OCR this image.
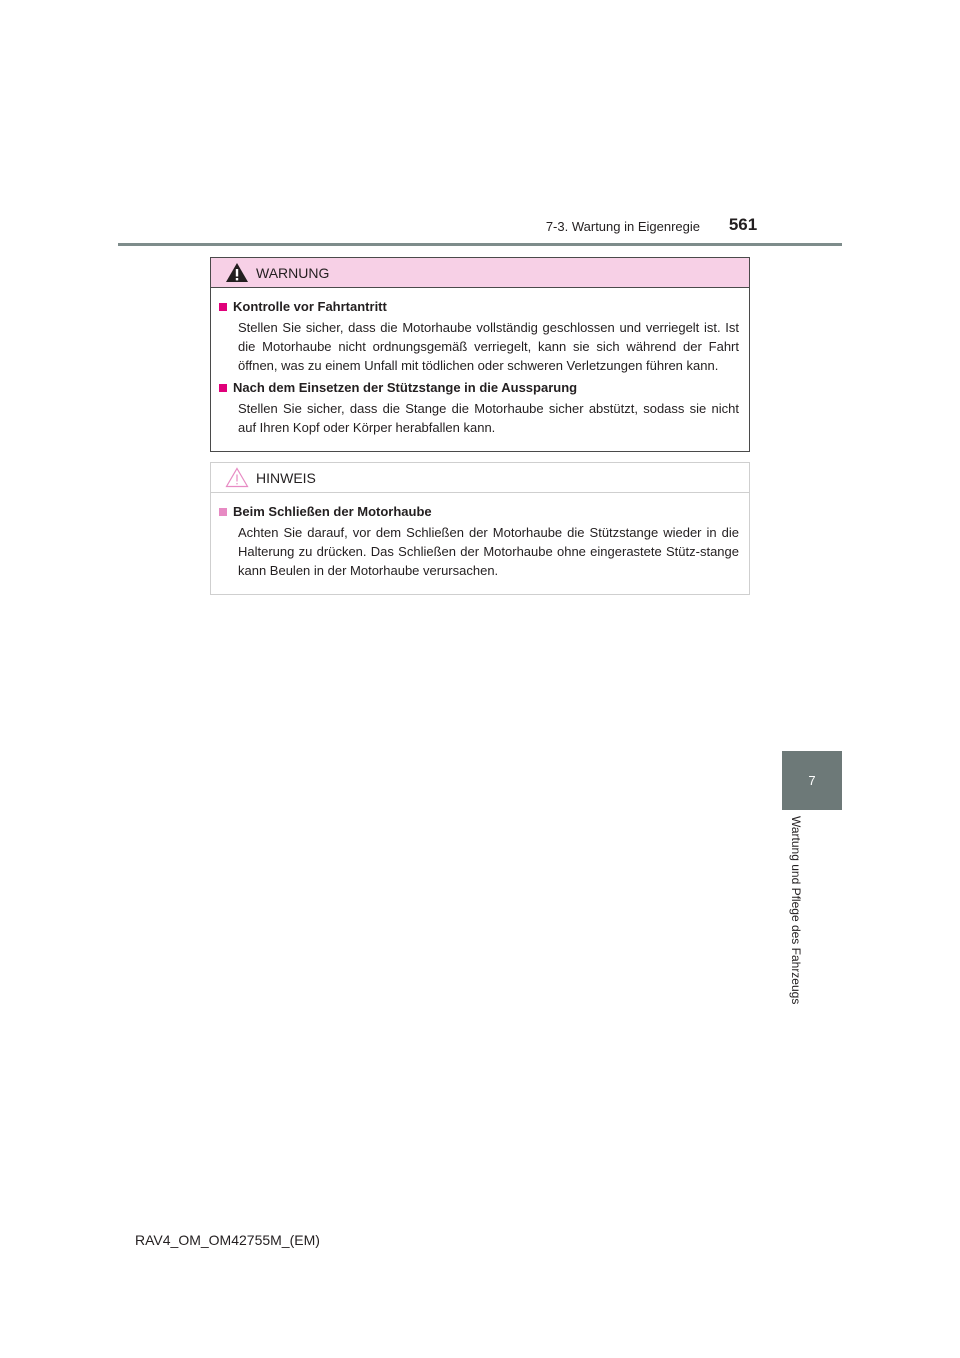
7-3. Wartung in Eigenregie	561
7
Wartung und Pflege des Fahrzeugs
WARNUNG

Kontrolle vor Fahrtantritt

Stellen Sie sicher, dass die Motorhaube vollständig geschlossen und verriegelt ist. Ist die Motorhaube nicht ordnungsgemäß verriegelt, kann sie sich während der Fahrt öffnen, was zu einem Unfall mit tödlichen oder schweren Verletzungen führen kann.

Nach dem Einsetzen der Stützstange in die Aussparung

Stellen Sie sicher, dass die Stange die Motorhaube sicher abstützt, sodass sie nicht auf Ihren Kopf oder Körper herabfallen kann.

HINWEIS

Beim Schließen der Motorhaube

Achten Sie darauf, vor dem Schließen der Motorhaube die Stützstange wieder in die Halterung zu drücken. Das Schließen der Motorhaube ohne eingerastete Stütz-stange kann Beulen in der Motorhaube verursachen.

RAV4_OM_OM42755M_(EM)
